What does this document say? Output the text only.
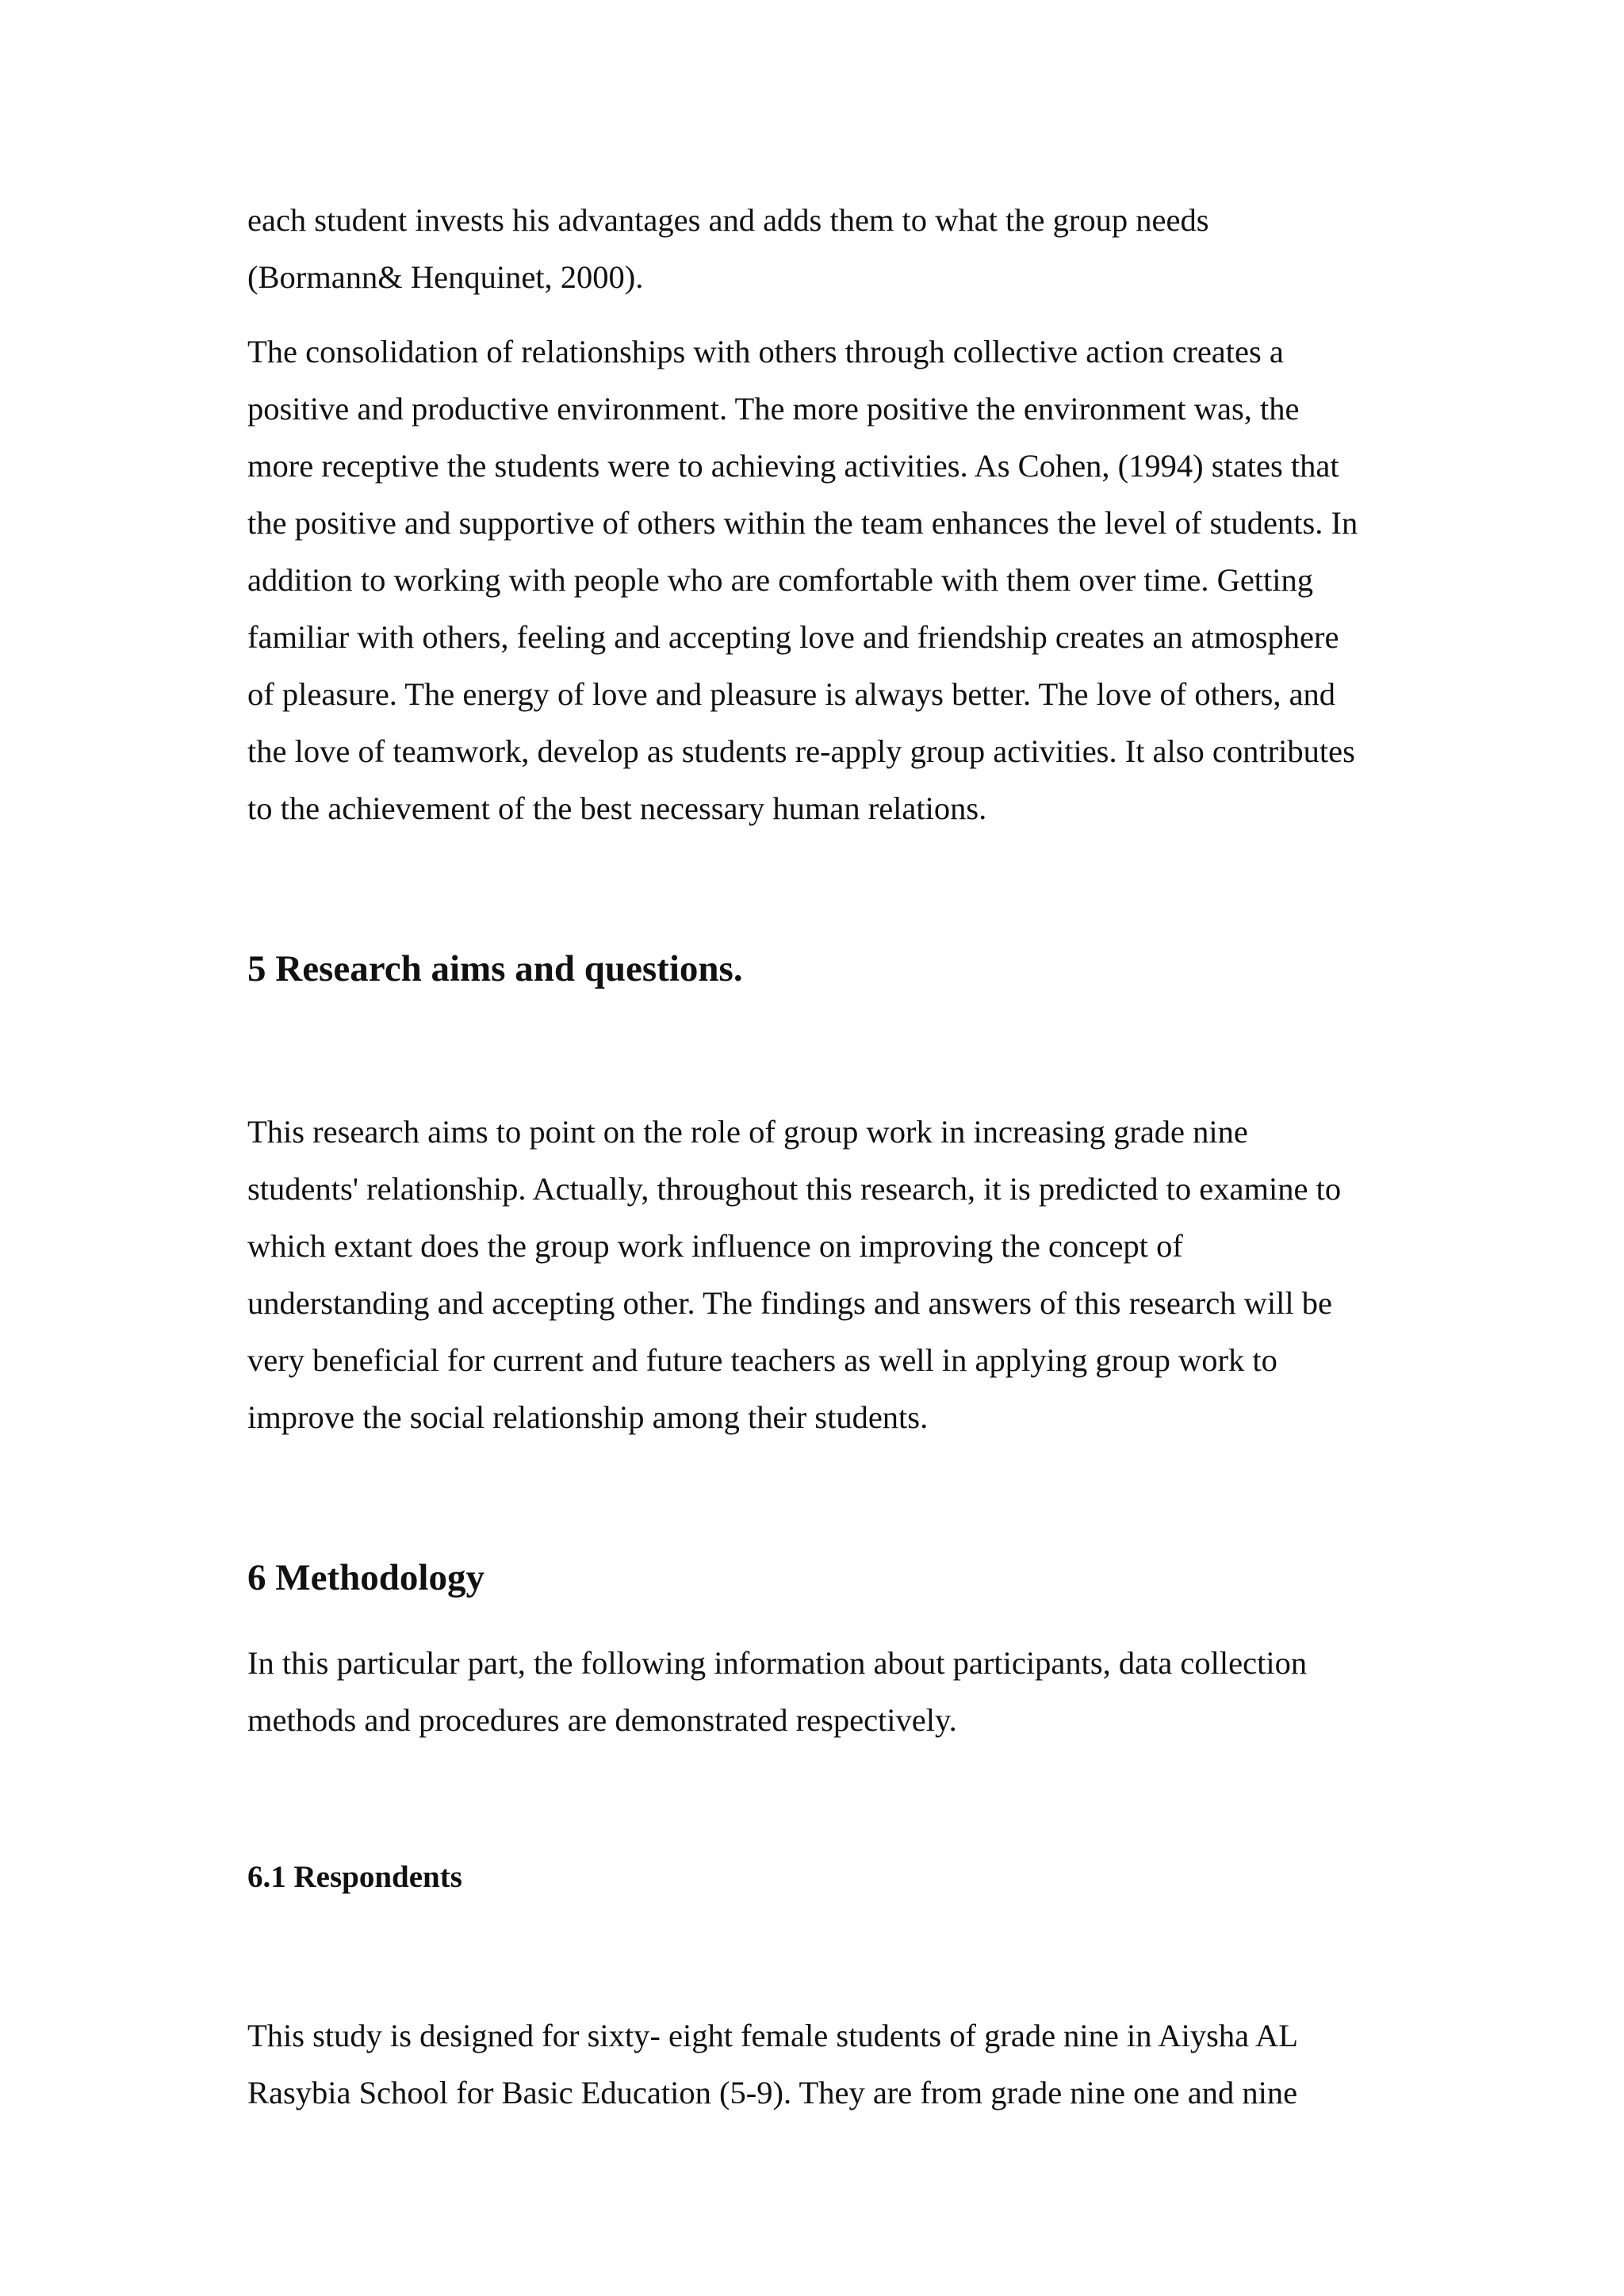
each student invests his advantages and adds them to what the group needs
(Bormann& Henquinet, 2000).

The consolidation of relationships with others through collective action creates a
positive and productive environment. The more positive the environment was, the
more receptive the students were to achieving activities. As Cohen, (1994) states that
the positive and supportive of others within the team enhances the level of students. In
addition to working with people who are comfortable with them over time. Getting
familiar with others, feeling and accepting love and friendship creates an atmosphere
of pleasure. The energy of love and pleasure is always better. The love of others, and
the love of teamwork, develop as students re-apply group activities. It also contributes
to the achievement of the best necessary human relations.

5 Research aims and questions.

This research aims to point on the role of group work in increasing grade nine
students' relationship. Actually, throughout this research, it is predicted to examine to
which extant does the group work influence on improving the concept of
understanding and accepting other. The findings and answers of this research will be
very beneficial for current and future teachers as well in applying group work to
improve the social relationship among their students.

6 Methodology

In this particular part, the following information about participants, data collection
methods and procedures are demonstrated respectively.

6.1 Respondents

This study is designed for sixty- eight female students of grade nine in Aiysha AL
Rasybia School for Basic Education (5-9). They are from grade nine one and nine
